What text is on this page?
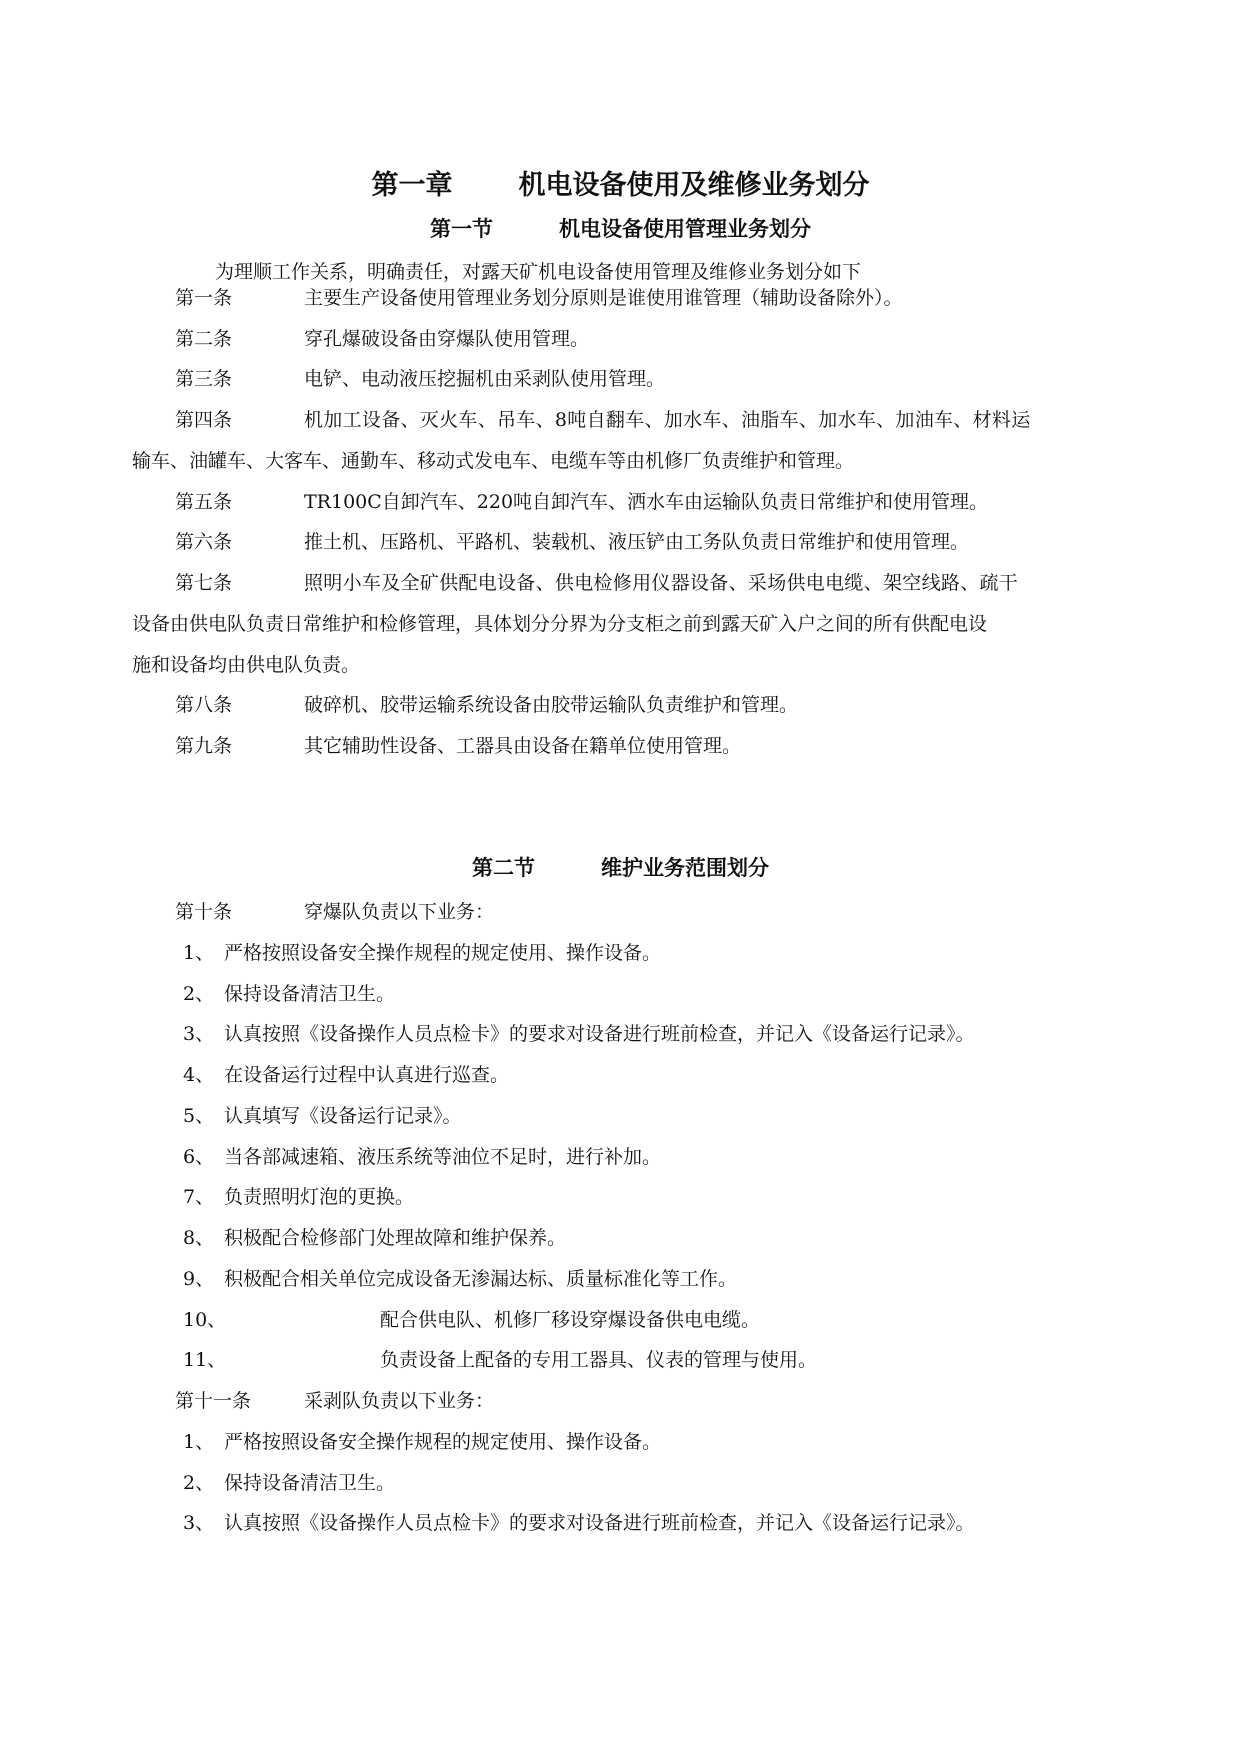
第一章 机电设备使用及维修业务划分
第一节	机电设备使用管理业务划分
为理顺工作关系，明确责任，对露天矿机电设备使用管理及维修业务划分如下
第一条	主要生产设备使用管理业务划分原则是谁使用谁管理（辅助设备除外）。
第二条	穿孔爆破设备由穿爆队使用管理。
第三条	电铲、电动液压挖掘机由采剥队使用管理。
第四条	机加工设备、灭火车、吊车、8吨自翻车、加水车、油脂车、加水车、加油车、材料运
输车、油罐车、大客车、通勤车、移动式发电车、电缆车等由机修厂负责维护和管理。
第五条	TR100C自卸汽车、220吨自卸汽车、洒水车由运输队负责日常维护和使用管理。
第六条	推土机、压路机、平路机、装载机、液压铲由工务队负责日常维护和使用管理。
第七条	照明小车及全矿供配电设备、供电检修用仪器设备、采场供电电缆、架空线路、疏干
设备由供电队负责日常维护和检修管理，具体划分分界为分支柜之前到露天矿入户之间的所有供配电设
施和设备均由供电队负责。
第八条	破碎机、胶带运输系统设备由胶带运输队负责维护和管理。
第九条	其它辅助性设备、工器具由设备在籍单位使用管理。
第二节	维护业务范围划分
第十条	穿爆队负责以下业务：
1、 严格按照设备安全操作规程的规定使用、操作设备。
2、 保持设备清洁卫生。
3、 认真按照《设备操作人员点检卡》的要求对设备进行班前检查，并记入《设备运行记录》。
4、 在设备运行过程中认真进行巡查。
5、 认真填写《设备运行记录》。
6、 当各部减速箱、液压系统等油位不足时，进行补加。
7、 负责照明灯泡的更换。
8、 积极配合检修部门处理故障和维护保养。
9、 积极配合相关单位完成设备无渗漏达标、质量标准化等工作。
10、	配合供电队、机修厂移设穿爆设备供电电缆。
11、	负责设备上配备的专用工器具、仪表的管理与使用。
第十一条	采剥队负责以下业务：
1、 严格按照设备安全操作规程的规定使用、操作设备。
2、 保持设备清洁卫生。
3、 认真按照《设备操作人员点检卡》的要求对设备进行班前检查，并记入《设备运行记录》。
